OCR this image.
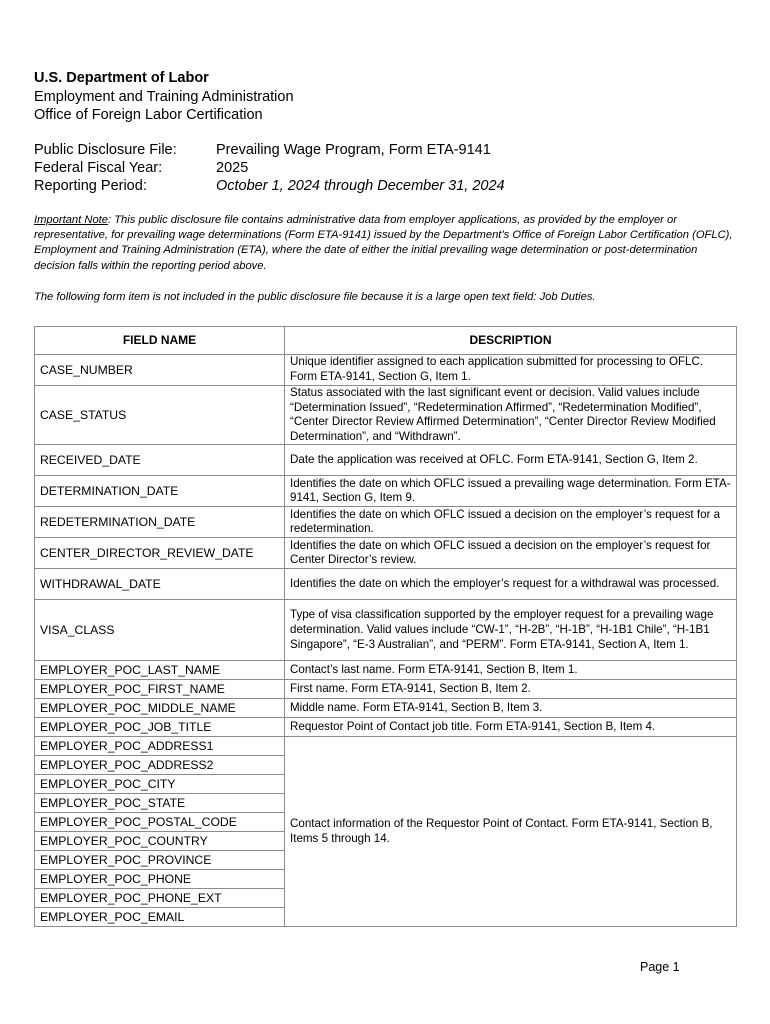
U.S. Department of Labor
Employment and Training Administration
Office of Foreign Labor Certification
Public Disclosure File:	Prevailing Wage Program, Form ETA-9141
Federal Fiscal Year:	2025
Reporting Period:	October 1, 2024 through December 31, 2024
Important Note: This public disclosure file contains administrative data from employer applications, as provided by the employer or representative, for prevailing wage determinations (Form ETA-9141) issued by the Department’s Office of Foreign Labor Certification (OFLC), Employment and Training Administration (ETA), where the date of either the initial prevailing wage determination or post-determination decision falls within the reporting period above.
The following form item is not included in the public disclosure file because it is a large open text field: Job Duties.
FIELD NAME	DESCRIPTION
CASE_NUMBER	Unique identifier assigned to each application submitted for processing to OFLC. Form ETA-9141, Section G, Item 1.
CASE_STATUS	Status associated with the last significant event or decision. Valid values include “Determination Issued”, “Redetermination Affirmed”, “Redetermination Modified”, “Center Director Review Affirmed Determination”, “Center Director Review Modified Determination”, and “Withdrawn”.
RECEIVED_DATE	Date the application was received at OFLC. Form ETA-9141, Section G, Item 2.
DETERMINATION_DATE	Identifies the date on which OFLC issued a prevailing wage determination. Form ETA-9141, Section G, Item 9.
REDETERMINATION_DATE	Identifies the date on which OFLC issued a decision on the employer’s request for a redetermination.
CENTER_DIRECTOR_REVIEW_DATE	Identifies the date on which OFLC issued a decision on the employer’s request for Center Director’s review.
WITHDRAWAL_DATE	Identifies the date on which the employer’s request for a withdrawal was processed.
VISA_CLASS	Type of visa classification supported by the employer request for a prevailing wage determination. Valid values include “CW-1”, “H-2B”, “H-1B”, “H-1B1 Chile”, “H-1B1 Singapore”, “E-3 Australian”, and “PERM”. Form ETA-9141, Section A, Item 1.
EMPLOYER_POC_LAST_NAME	Contact’s last name. Form ETA-9141, Section B, Item 1.
EMPLOYER_POC_FIRST_NAME	First name. Form ETA-9141, Section B, Item 2.
EMPLOYER_POC_MIDDLE_NAME	Middle name. Form ETA-9141, Section B, Item 3.
EMPLOYER_POC_JOB_TITLE	Requestor Point of Contact job title. Form ETA-9141, Section B, Item 4.
EMPLOYER_POC_ADDRESS1	Contact information of the Requestor Point of Contact. Form ETA-9141, Section B, Items 5 through 14.
EMPLOYER_POC_ADDRESS2	
EMPLOYER_POC_CITY	
EMPLOYER_POC_STATE	
EMPLOYER_POC_POSTAL_CODE	
EMPLOYER_POC_COUNTRY	
EMPLOYER_POC_PROVINCE	
EMPLOYER_POC_PHONE	
EMPLOYER_POC_PHONE_EXT	
EMPLOYER_POC_EMAIL	
Page 1
